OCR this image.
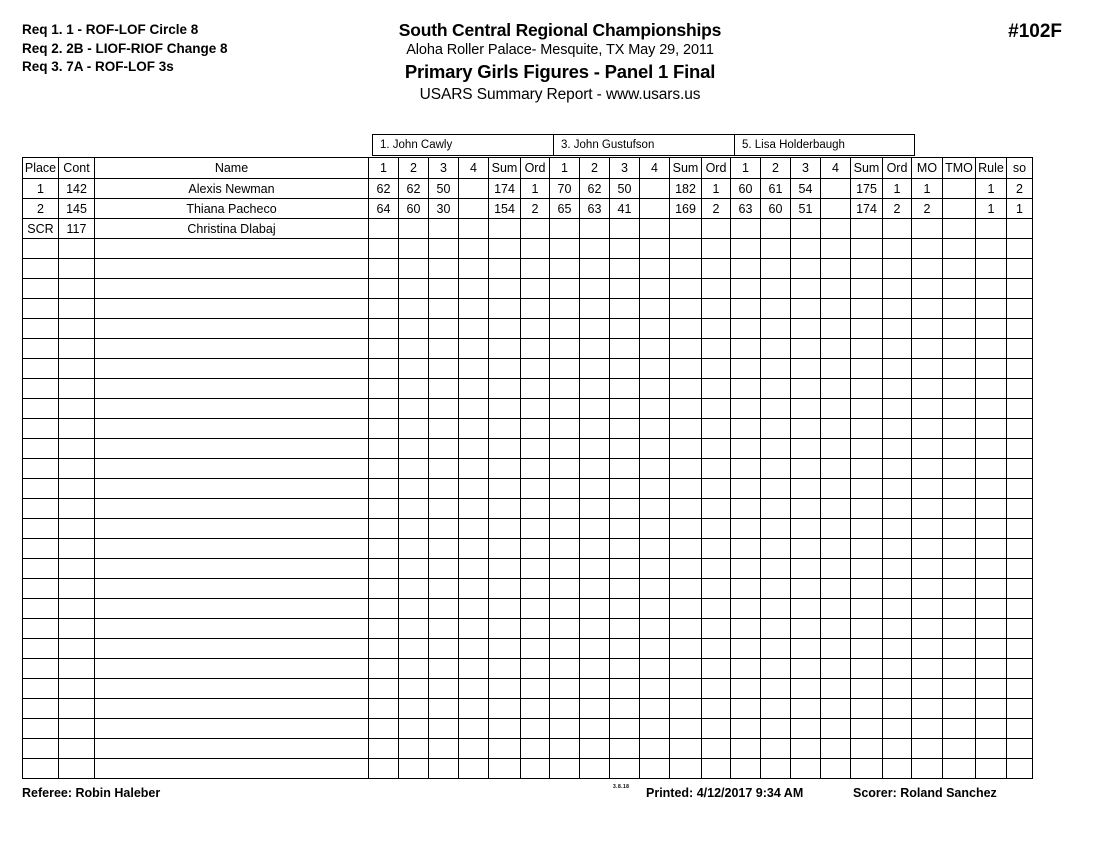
Req 1. 1 - ROF-LOF Circle 8
Req 2. 2B - LIOF-RIOF Change 8
Req 3. 7A - ROF-LOF 3s
South Central Regional Championships
Aloha Roller Palace- Mesquite, TX May 29, 2011
Primary Girls Figures - Panel 1 Final
USARS Summary Report - www.usars.us
#102F
1. John Cawly	3. John Gustufson	5. Lisa Holderbaugh
Place	Cont	Name	1	2	3	4	Sum	Ord	1	2	3	4	Sum	Ord	1	2	3	4	Sum	Ord	MO	TMO	Rule	so
1	142	Alexis Newman	62	62	50		174	1	70	62	50		182	1	60	61	54		175	1	1		1	2
2	145	Thiana Pacheco	64	60	30		154	2	65	63	41		169	2	63	60	51		174	2	2		1	1
SCR	117	Christina Dlabaj																						

Referee: Robin Haleber	3.8.18 Printed: 4/12/2017 9:34 AM	Scorer: Roland Sanchez
